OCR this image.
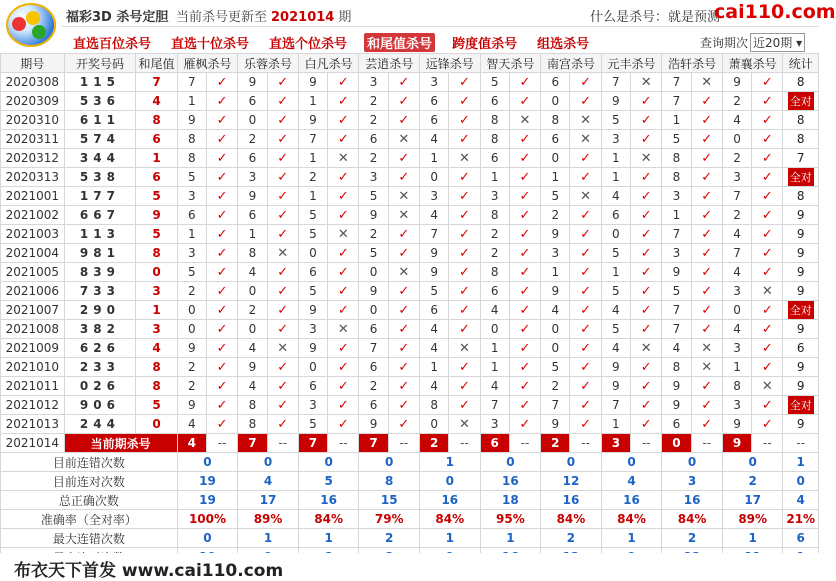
福彩3D 杀号定胆 当前杀号更新至 2021014 期	什么是杀号：就是预测
cai110.com
直选百位杀号 直选十位杀号 直选个位杀号 和尾值杀号 跨度值杀号 组选杀号	查询期次 近20期 ▾
期号	开奖号码	和尾值	雁枫杀号		乐蓉杀号		白凡杀号		芸逍杀号		远锋杀号		智天杀号		南宫杀号		元丰杀号		浩轩杀号		萧襄杀号		统计
2020308	115	7	7	✓	9	✓	9	✓	3	✓	3	✓	5	✓	6	✓	7	✕	7	✕	9	✓	8
2020309	536	4	1	✓	6	✓	1	✓	2	✓	6	✓	6	✓	0	✓	9	✓	7	✓	2	✓	全对
2020310	611	8	9	✓	0	✓	9	✓	2	✓	6	✓	8	✕	8	✕	5	✓	1	✓	4	✓	8
2020311	574	6	8	✓	2	✓	7	✓	6	✕	4	✓	8	✓	6	✕	3	✓	5	✓	0	✓	8
2020312	344	1	8	✓	6	✓	1	✕	2	✓	1	✕	6	✓	0	✓	1	✕	8	✓	2	✓	7
2020313	538	6	5	✓	3	✓	2	✓	3	✓	0	✓	1	✓	1	✓	1	✓	8	✓	3	✓	全对
2021001	177	5	3	✓	9	✓	1	✓	5	✕	3	✓	3	✓	5	✕	4	✓	3	✓	7	✓	8
2021002	667	9	6	✓	6	✓	5	✓	9	✕	4	✓	8	✓	2	✓	6	✓	1	✓	2	✓	9
2021003	113	5	1	✓	1	✓	5	✕	2	✓	7	✓	2	✓	9	✓	0	✓	7	✓	4	✓	9
2021004	981	8	3	✓	8	✕	0	✓	5	✓	9	✓	2	✓	3	✓	5	✓	3	✓	7	✓	9
2021005	839	0	5	✓	4	✓	6	✓	0	✕	9	✓	8	✓	1	✓	1	✓	9	✓	4	✓	9
2021006	733	3	2	✓	0	✓	5	✓	9	✓	5	✓	6	✓	9	✓	5	✓	5	✓	3	✕	9
2021007	290	1	0	✓	2	✓	9	✓	0	✓	6	✓	4	✓	4	✓	4	✓	7	✓	0	✓	全对
2021008	382	3	0	✓	0	✓	3	✕	6	✓	4	✓	0	✓	0	✓	5	✓	7	✓	4	✓	9
2021009	626	4	9	✓	4	✕	9	✓	7	✓	4	✕	1	✓	0	✓	4	✕	4	✕	3	✓	6
2021010	233	8	2	✓	9	✓	0	✓	6	✓	1	✓	1	✓	5	✓	9	✓	8	✕	1	✓	9
2021011	026	8	2	✓	4	✓	6	✓	2	✓	4	✓	4	✓	2	✓	9	✓	9	✓	8	✕	9
2021012	906	5	9	✓	8	✓	3	✓	6	✓	8	✓	7	✓	7	✓	7	✓	9	✓	3	✓	全对
2021013	244	0	4	✓	8	✓	5	✓	9	✓	0	✕	3	✓	9	✓	1	✓	6	✓	9	✓	9
2021014	当前期杀号		4	--	7	--	7	--	7	--	2	--	6	--	2	--	3	--	0	--	9	--	--
目前连错次数			0		0		0		0		1		0		0		0		0		0		1
目前连对次数			19		4		5		8		0		16		12		4		3		2		0
总正确次数			19		17		16		15		16		18		16		16		16		17		4
准确率（全对率）			100%		89%		84%		79%		84%		95%		84%		84%		84%		89%		21%
最大连错次数			0		1		1		2		1		1		2		1		2		1		6

布衣天下首发 www.cai110.com
